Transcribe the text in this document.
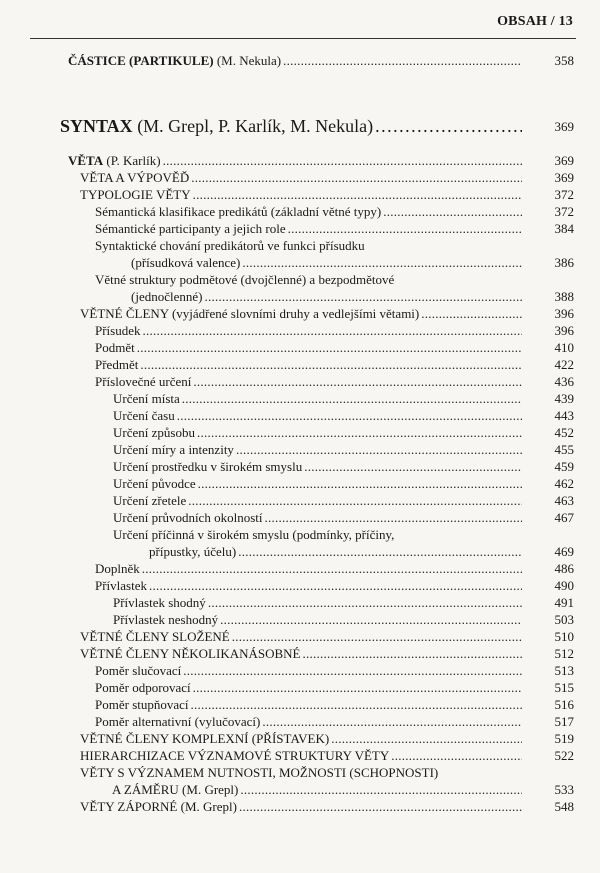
OBSAH / 13
ČÁSTICE (PARTIKULE) (M. Nekula) . . .	358
SYNTAX (M. Grepl, P. Karlík, M. Nekula) . . .	369
VĚTA (P. Karlík) . . .	369
VĚTA A VÝPOVĚĎ . . .	369
TYPOLOGIE VĚTY . . .	372
Sémantická klasifikace predikátů (základní větné typy) . . .	372
Sémantické participanty a jejich role . . .	384
Syntaktické chování predikátorů ve funkci přísudku
(přísudková valence) . . .	386
Větné struktury podmětové (dvojčlenné) a bezpodmětové
(jednočlenné) . . .	388
VĚTNÉ ČLENY (vyjádřené slovními druhy a vedlejšími větami) . . .	396
Přísudek . . .	396
Podmět . . .	410
Předmět . . .	422
Příslovečné určení . . .	436
Určení místa . . .	439
Určení času . . .	443
Určení způsobu . . .	452
Určení míry a intenzity . . .	455
Určení prostředku v širokém smyslu . . .	459
Určení původce . . .	462
Určení zřetele . . .	463
Určení průvodních okolností . . .	467
Určení příčinná v širokém smyslu (podmínky, příčiny,
přípustky, účelu) . . .	469
Doplněk . . .	486
Přívlastek . . .	490
Přívlastek shodný . . .	491
Přívlastek neshodný . . .	503
VĚTNÉ ČLENY SLOŽENÉ . . .	510
VĚTNÉ ČLENY NĚKOLIKANÁSOBNÉ . . .	512
Poměr slučovací . . .	513
Poměr odporovací . . .	515
Poměr stupňovací . . .	516
Poměr alternativní (vylučovací) . . .	517
VĚTNÉ ČLENY KOMPLEXNÍ (PŘÍSTAVEK) . . .	519
HIERARCHIZACE VÝZNAMOVÉ STRUKTURY VĚTY . . .	522
VĚTY S VÝZNAMEM NUTNOSTI, MOŽNOSTI (SCHOPNOSTI)
A ZÁMĚRU (M. Grepl) . . .	533
VĚTY ZÁPORNÉ (M. Grepl) . . .	548
